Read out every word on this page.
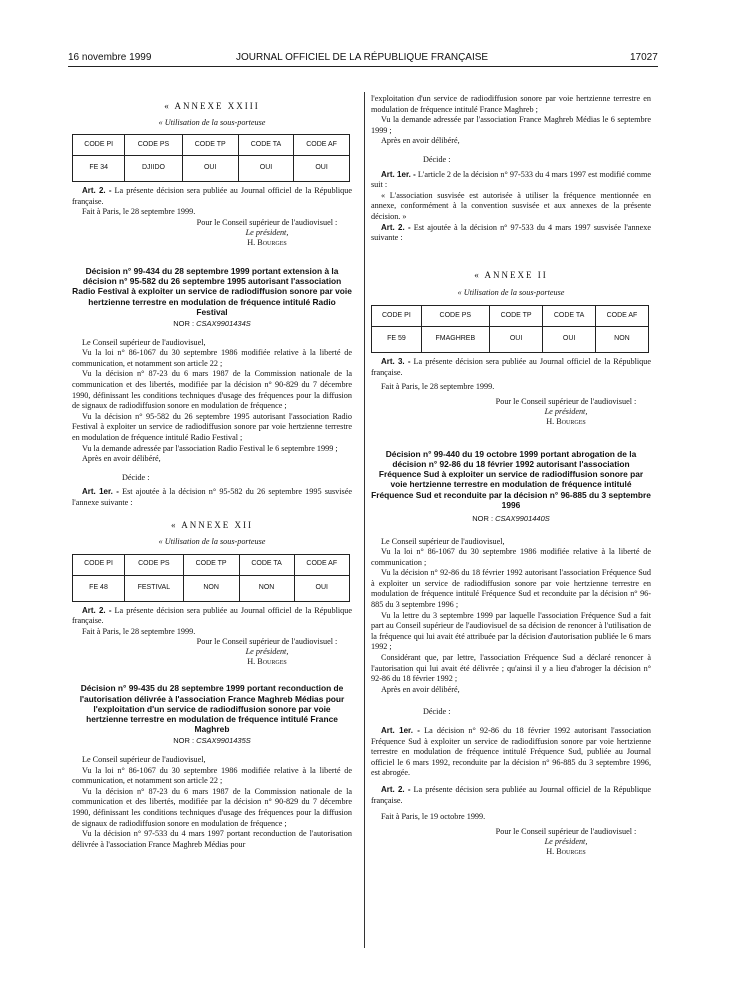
16 novembre 1999	JOURNAL OFFICIEL DE LA RÉPUBLIQUE FRANÇAISE	17027
« ANNEXE XXIII
« Utilisation de la sous-porteuse
CODE PI	CODE PS	CODE TP	CODE TA	CODE AF
FE 34	DJIIDO	OUI	OUI	OUI

Art. 2. - La présente décision sera publiée au Journal officiel de la République française.

Fait à Paris, le 28 septembre 1999.

Pour le Conseil supérieur de l'audiovisuel :
Le président,
H. Bourges
Décision n° 99-434 du 28 septembre 1999 portant extension à la décision n° 95-582 du 26 septembre 1995 autorisant l'association Radio Festival à exploiter un service de radiodiffusion sonore par voie hertzienne terrestre en modulation de fréquence intitulé Radio Festival
NOR : CSAX9901434S

Le Conseil supérieur de l'audiovisuel,

Vu la loi n° 86-1067 du 30 septembre 1986 modifiée relative à la liberté de communication, et notamment son article 22 ;

Vu la décision n° 87-23 du 6 mars 1987 de la Commission nationale de la communication et des libertés, modifiée par la décision n° 90-829 du 7 décembre 1990, définissant les conditions techniques d'usage des fréquences pour la diffusion de signaux de radiodiffusion sonore en modulation de fréquence ;

Vu la décision n° 95-582 du 26 septembre 1995 autorisant l'association Radio Festival à exploiter un service de radiodiffusion sonore par voie hertzienne terrestre en modulation de fréquence intitulé Radio Festival ;

Vu la demande adressée par l'association Radio Festival le 6 septembre 1999 ;

Après en avoir délibéré,

Décide :

Art. 1er. - Est ajoutée à la décision n° 95-582 du 26 septembre 1995 susvisée l'annexe suivante :

« ANNEXE XII
« Utilisation de la sous-porteuse
CODE PI	CODE PS	CODE TP	CODE TA	CODE AF
FE 48	FESTIVAL	NON	NON	OUI

Art. 2. - La présente décision sera publiée au Journal officiel de la République française.

Fait à Paris, le 28 septembre 1999.

Pour le Conseil supérieur de l'audiovisuel :
Le président,
H. Bourges
Décision n° 99-435 du 28 septembre 1999 portant reconduction de l'autorisation délivrée à l'association France Maghreb Médias pour l'exploitation d'un service de radiodiffusion sonore par voie hertzienne terrestre en modulation de fréquence intitulé France Maghreb
NOR : CSAX9901435S

Le Conseil supérieur de l'audiovisuel,

Vu la loi n° 86-1067 du 30 septembre 1986 modifiée relative à la liberté de communication, et notamment son article 22 ;

Vu la décision n° 87-23 du 6 mars 1987 de la Commission nationale de la communication et des libertés, modifiée par la décision n° 90-829 du 7 décembre 1990, définissant les conditions techniques d'usage des fréquences pour la diffusion de signaux de radiodiffusion sonore en modulation de fréquence ;

Vu la décision n° 97-533 du 4 mars 1997 portant reconduction de l'autorisation délivrée à l'association France Maghreb Médias pour

l'exploitation d'un service de radiodiffusion sonore par voie hertzienne terrestre en modulation de fréquence intitulé France Maghreb ;

Vu la demande adressée par l'association France Maghreb Médias le 6 septembre 1999 ;

Après en avoir délibéré,

Décide :

Art. 1er. - L'article 2 de la décision n° 97-533 du 4 mars 1997 est modifié comme suit :

« L'association susvisée est autorisée à utiliser la fréquence mentionnée en annexe, conformément à la convention susvisée et aux annexes de la présente décision. »

Art. 2. - Est ajoutée à la décision n° 97-533 du 4 mars 1997 susvisée l'annexe suivante :

« ANNEXE II
« Utilisation de la sous-porteuse
CODE PI	CODE PS	CODE TP	CODE TA	CODE AF
FE 59	FMAGHREB	OUI	OUI	NON

Art. 3. - La présente décision sera publiée au Journal officiel de la République française.

Fait à Paris, le 28 septembre 1999.

Pour le Conseil supérieur de l'audiovisuel :
Le président,
H. Bourges
Décision n° 99-440 du 19 octobre 1999 portant abrogation de la décision n° 92-86 du 18 février 1992 autorisant l'association Fréquence Sud à exploiter un service de radiodiffusion sonore par voie hertzienne terrestre en modulation de fréquence intitulé Fréquence Sud et reconduite par la décision n° 96-885 du 3 septembre 1996
NOR : CSAX9901440S

Le Conseil supérieur de l'audiovisuel,

Vu la loi n° 86-1067 du 30 septembre 1986 modifiée relative à la liberté de communication ;

Vu la décision n° 92-86 du 18 février 1992 autorisant l'association Fréquence Sud à exploiter un service de radiodiffusion sonore par voie hertzienne terrestre en modulation de fréquence intitulé Fréquence Sud et reconduite par la décision n° 96-885 du 3 septembre 1996 ;

Vu la lettre du 3 septembre 1999 par laquelle l'association Fréquence Sud a fait part au Conseil supérieur de l'audiovisuel de sa décision de renoncer à l'utilisation de la fréquence qui lui avait été attribuée par la décision d'autorisation publiée le 6 mars 1992 ;

Considérant que, par lettre, l'association Fréquence Sud a déclaré renoncer à l'autorisation qui lui avait été délivrée ; qu'ainsi il y a lieu d'abroger la décision n° 92-86 du 18 février 1992 ;

Après en avoir délibéré,

Décide :

Art. 1er. - La décision n° 92-86 du 18 février 1992 autorisant l'association Fréquence Sud à exploiter un service de radiodiffusion sonore par voie hertzienne terrestre en modulation de fréquence intitulé Fréquence Sud, publiée au Journal officiel le 6 mars 1992, reconduite par la décision n° 96-885 du 3 septembre 1996, est abrogée.

Art. 2. - La présente décision sera publiée au Journal officiel de la République française.

Fait à Paris, le 19 octobre 1999.

Pour le Conseil supérieur de l'audiovisuel :
Le président,
H. Bourges
